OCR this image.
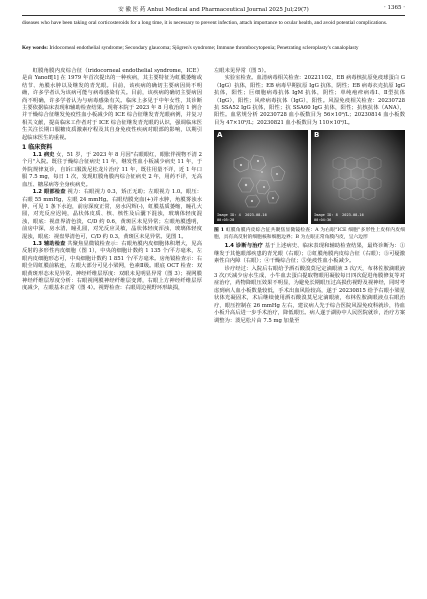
安 徽 医 药 Anhui Medical and Pharmaceutical Journal 2025 Jul;29(7)	· 1365 ·
diseases who have been taking oral corticosteroids for a long time, it is necessary to prevent infection, attach importance to ocular health, and avoid potential complications.
Key words: Iridocorneal endothelial syndrome; Secondary glaucoma; Sjögren's syndrome; Immune thrombocytopenia; Penetrating scleroplasty's canaloplasty

虹膜角膜内皮综合征（iridocorneal endothelial syndrome，ICE）是由 Yanoff[1] 在 1979 年首次提出的一种疾病，其主要特征为虹膜萎缩或结节、角膜水肿以及继发的青光眼。目前，该疾病的确切主要病因尚不明确，许多学者认为该病可能与病毒感染有关。目前，该疾病的确切主要病因尚不明确，许多学者认为与病毒感染有关。临床上多见于中年女性，其诊断主要依据临床表现和辅助检查结果。现将本院于 2023 年 8 月收治的 1 例合并干燥综合征继发免疫性血小板减少的 ICE 综合征继发青光眼病例，并复习相关文献，提高临床工作者对于 ICE 综合征继发青光眼的认识，强调临床医生关注长期口服糖皮质激素疗程及其自身免疫性疾病对眼部的影响，以期引起临床医生的重视。

1 临床资料

1.1 病史 女，51 岁，于 2023 年 8 月因"右眼眼红，眼胀伴视物不清 2 个月"入院。既往于燥综合征病史 11 年，继发性血小板减少病史 11 年，于外院规律复诊，自诉口服泼尼松龙片治疗 11 年，既往用量不详，近 1 年口服 7.5 mg，每日 1 次，发现虹膜角膜内综合征病史 2 年，用药不详，无高血压、糖尿病等全身疾病史。

1.2 眼部检查 视力：右眼视力 0.3，矫正无助；左眼视力 1.0。眼压：右眼 55 mmHg，左眼 24 mmHg。右眼结膜充血(+)并水肿，角膜雾浊水肿，可见 1 条下水泡，前房深度正常，房水闪辉(-)，虹膜基质萎缩，瞳孔大圆，对光反应迟钝，晶状体皮质、核、核性及后囊下混浊，玻璃体轻度混浊，眼底：视盘界清色淡，C/D 约 0.6，黄斑区未见异常；左眼角膜透明，前房中深，房水清，瞳孔圆，对光反应灵敏，晶状体轻度浑浊，玻璃体轻度混浊，眼底：视盘界清色可，C/D 约 0.3，黄斑区未见异常。见图 1。

1.3 辅助检查 共聚焦显微镜检查示：右眼角膜内皮细胞体积增大，见高反射的多形性内皮细胞（图 1），中央的细胞计数约 1 135 个/平方毫米，左眼内皮细胞形态可，中央细胞计数约 1 851 个/平方毫米。房角镜检查示：右眼全周虹膜前粘连，左眼大部分可见小梁网，色素Ⅱ级。眼底 OCT 检查：双眼黄斑形态未见异常，神经纤维层厚度：双眼未见明显异常（图 3）；视网膜神经纤维层厚度分析：右眼视网膜神经纤维层变薄，右眼上方神经纤维层厚度减少，左眼基本正常（图 4）。视野检查：右眼周边视野环形缺损，

左眼未见异常（图 5）。

实验室检查。血清病毒相关检查：20221102，EB 病毒核抗原免疫球蛋白 G（IgG）抗体，阳性；EB 病毒早期抗原 IgG 抗体，阴性；EB 病毒衣壳抗原 IgG 抗体，阳性；巨细胞病毒抗体 IgM 抗体，阴性；单纯疱疹病毒Ⅰ、Ⅱ型抗体（IgG），阳性；风疹病毒抗体（IgG），阳性。风湿免疫相关检查：20230728 抗 SSA52 IgG 抗体，阳性；抗 SSA60 IgG 抗体，阳性；抗核抗体（ANA），阳性。血常规分析 20230728 血小板数目为 56×10⁹/L；20230814 血小板数目为 47×10⁹/L；20230821 血小板数目为 110×10⁹/L。

A
Image ID: 4  2023-08-16
00:05:20
B
Image ID: 8  2023-08-16
00:04:36
图 1 虹膜角膜内皮综合征共聚焦显微镜检查：A 为右眼"ICE 细胞"多形性上皮样内皮细胞，具有高反射的细胞核和细胞边界；B 为左眼正常角膜内皮，呈六边形

1.4 诊断与治疗 基于上述病史、临床表现和辅助检查结果，最终诊断为：①继发于其他眼部疾患的青光眼（右眼）；②虹膜角膜内皮综合征（右眼）；③可疑激素性白内障（右眼）；④干燥综合征；⑤免疫性血小板减少。

诊疗经过：入院后右眼给予酒石酸溴莫尼定滴眼液 3 次/天，布林佐胺滴眼液 3 次/天减少房水生成，小牛血去蛋白提取物眼用凝胶每日四次促进角膜修复等对症治疗，药物降眼压效果不明显，为避免长期眼压过高损伤视野及视神经，同时考虑到病人血小板数量较低，手术出血风险较高，遂于 20230815 给予右眼小梁星状体光凝固术，术后继续使用酒石酸溴莫尼定滴眼液，布林佐胺滴眼液点右眼治疗，眼压控制在 26 mmHg 左右，建议病人先于综合医院风湿免疫科就诊，待血小板升高后进一步手术治疗，降低眼压。病人遂于湖协中人民医院就诊，治疗方案调整为：泼尼松片由 7.5 mg 加量至
